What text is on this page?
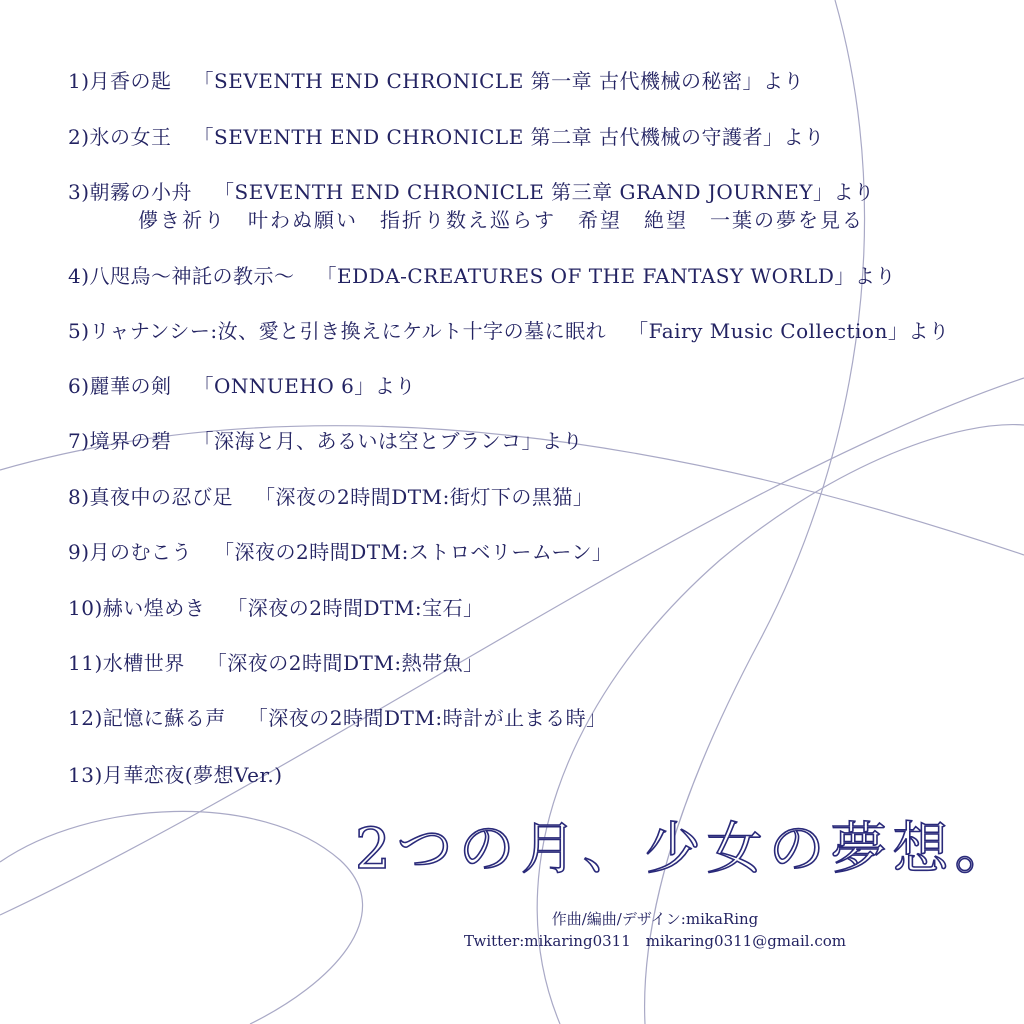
1)月香の匙 「SEVENTH END CHRONICLE 第一章 古代機械の秘密」より
2)氷の女王 「SEVENTH END CHRONICLE 第二章 古代機械の守護者」より
3)朝霧の小舟 「SEVENTH END CHRONICLE 第三章 GRAND JOURNEY」より
儚き祈り　叶わぬ願い　指折り数え巡らす　希望　絶望　一葉の夢を見る
4)八咫烏〜神託の教示〜 「EDDA-CREATURES OF THE FANTASY WORLD」より
5)リャナンシー:汝、愛と引き換えにケルト十字の墓に眠れ 「Fairy Music Collection」より
6)麗華の剣 「ONNUEHO 6」より
7)境界の碧 「深海と月、あるいは空とブランコ」より
8)真夜中の忍び足 「深夜の2時間DTM:街灯下の黒猫」
9)月のむこう 「深夜の2時間DTM:ストロベリームーン」
10)赫い煌めき 「深夜の2時間DTM:宝石」
11)水槽世界 「深夜の2時間DTM:熱帯魚」
12)記憶に蘇る声 「深夜の2時間DTM:時計が止まる時」
13)月華恋夜(夢想Ver.)
2つの月、少女の夢想。
作曲/編曲/デザイン:mikaRing
Twitter:mikaring0311　mikaring0311@gmail.com
